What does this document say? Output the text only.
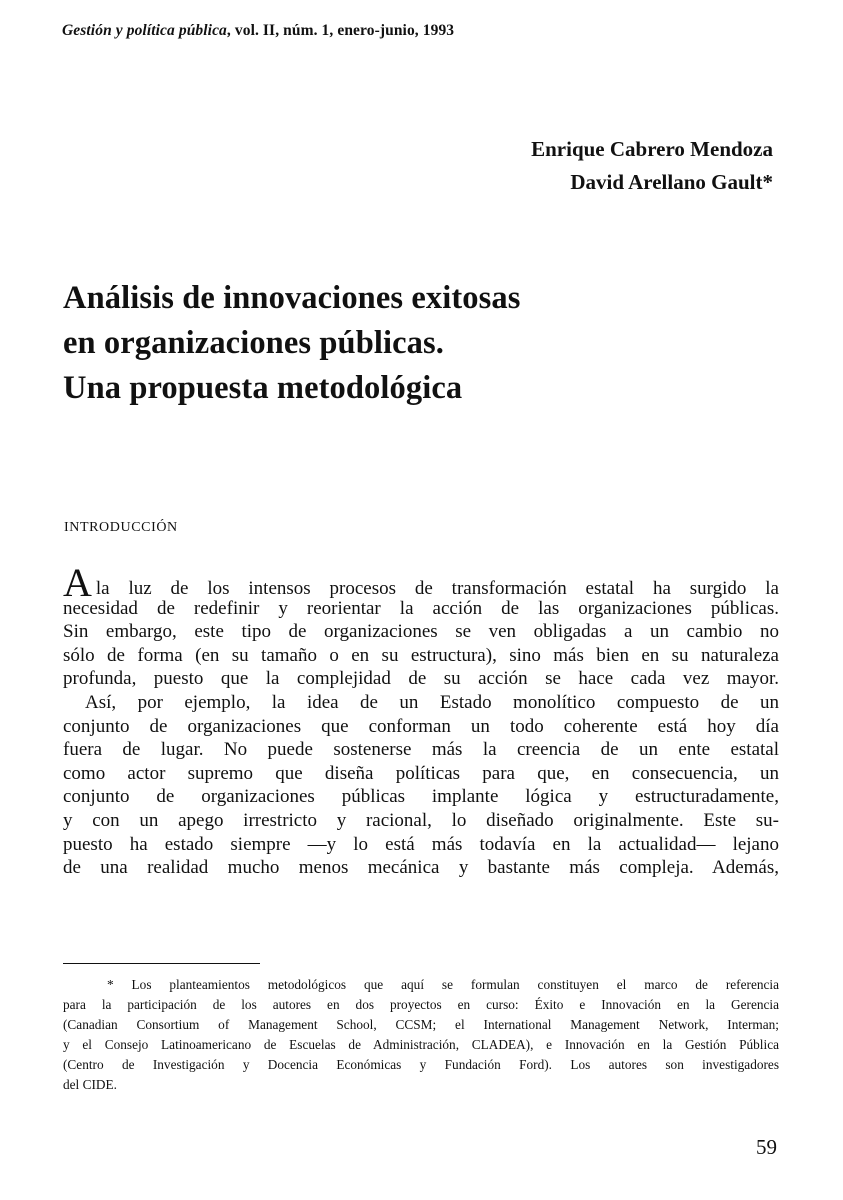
Gestión y política pública, vol. II, núm. 1, enero-junio, 1993
Enrique Cabrero Mendoza
David Arellano Gault*
Análisis de innovaciones exitosas
en organizaciones públicas.
Una propuesta metodológica
INTRODUCCIÓN
Ala luz de los intensos procesos de transformación estatal ha surgido la
necesidad de redefinir y reorientar la acción de las organizaciones públicas.
Sin embargo, este tipo de organizaciones se ven obligadas a un cambio no
sólo de forma (en su tamaño o en su estructura), sino más bien en su naturaleza
profunda, puesto que la complejidad de su acción se hace cada vez mayor.
Así, por ejemplo, la idea de un Estado monolítico compuesto de un
conjunto de organizaciones que conforman un todo coherente está hoy día
fuera de lugar. No puede sostenerse más la creencia de un ente estatal
como actor supremo que diseña políticas para que, en consecuencia, un
conjunto de organizaciones públicas implante lógica y estructuradamente,
y con un apego irrestricto y racional, lo diseñado originalmente. Este su-
puesto ha estado siempre —y lo está más todavía en la actualidad— lejano
de una realidad mucho menos mecánica y bastante más compleja. Además,
* Los planteamientos metodológicos que aquí se formulan constituyen el marco de referencia
para la participación de los autores en dos proyectos en curso: Éxito e Innovación en la Gerencia
(Canadian Consortium of Management School, CCSM; el International Management Network, Interman;
y el Consejo Latinoamericano de Escuelas de Administración, CLADEA), e Innovación en la Gestión Pública
(Centro de Investigación y Docencia Económicas y Fundación Ford). Los autores son investigadores
del CIDE.
59
